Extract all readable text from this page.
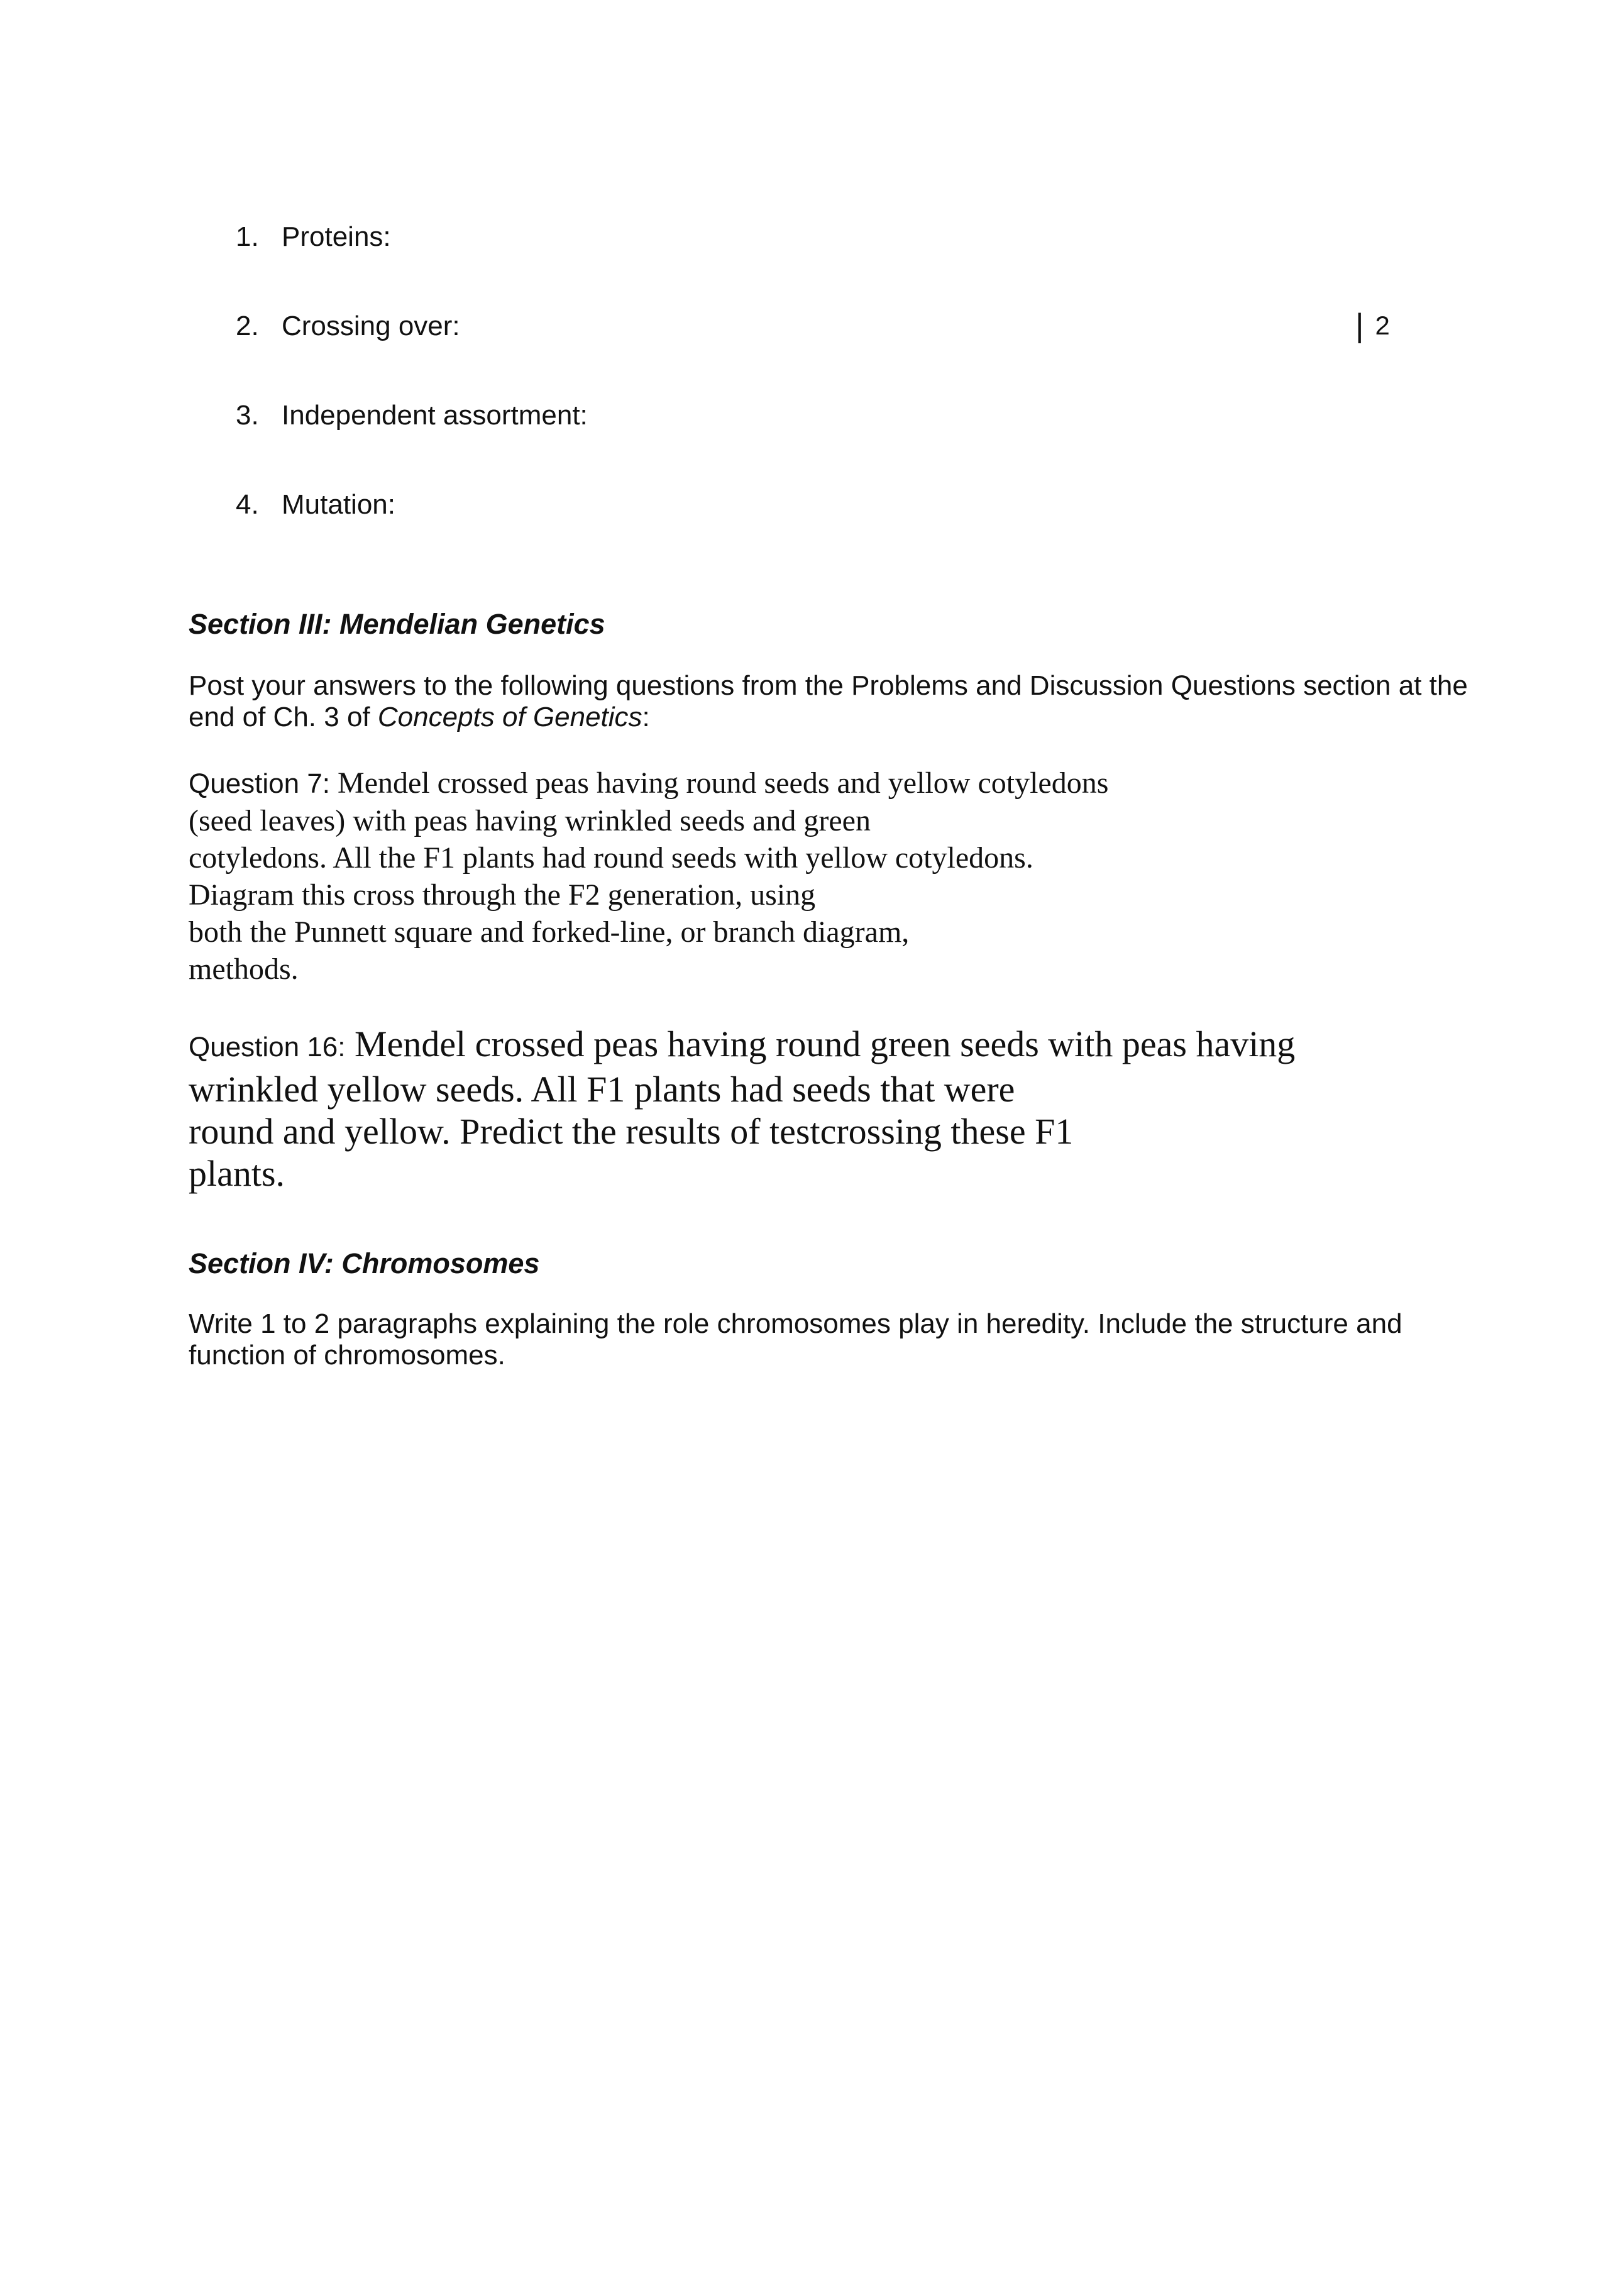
| 2
1. Proteins:
2. Crossing over:
3. Independent assortment:
4. Mutation:
Section III: Mendelian Genetics
Post your answers to the following questions from the Problems and Discussion Questions section at the
end of Ch. 3 of Concepts of Genetics:
Question 7: Mendel crossed peas having round seeds and yellow cotyledons
(seed leaves) with peas having wrinkled seeds and green
cotyledons. All the F1 plants had round seeds with yellow cotyledons.
Diagram this cross through the F2 generation, using
both the Punnett square and forked-line, or branch diagram,
methods.
Question 16: Mendel crossed peas having round green seeds with peas having
wrinkled yellow seeds. All F1 plants had seeds that were
round and yellow. Predict the results of testcrossing these F1
plants.
Section IV: Chromosomes
Write 1 to 2 paragraphs explaining the role chromosomes play in heredity. Include the structure and
function of chromosomes.
